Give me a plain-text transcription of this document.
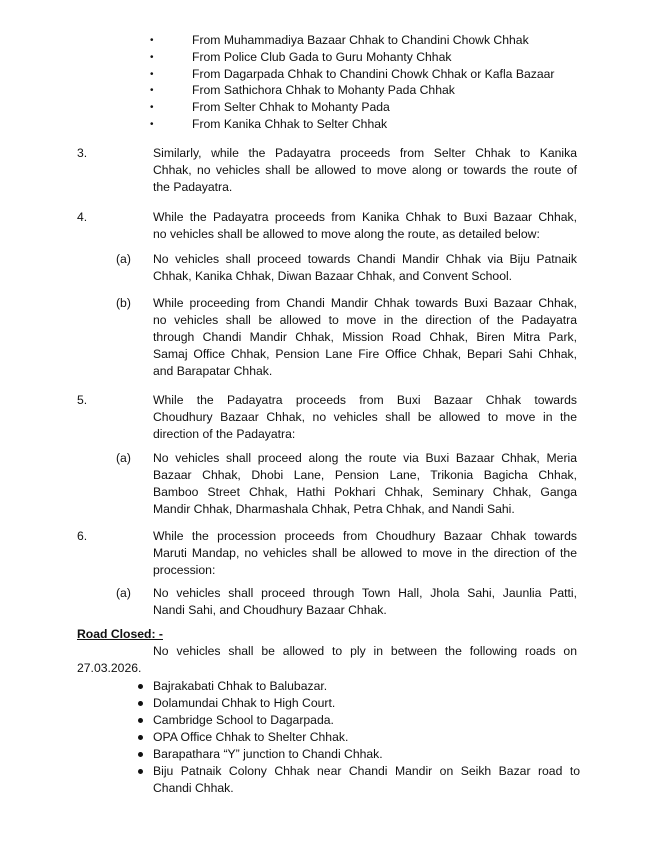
•	From Muhammadiya Bazaar Chhak to Chandini Chowk Chhak
•	From Police Club Gada to Guru Mohanty Chhak
•	From Dagarpada Chhak to Chandini Chowk Chhak or Kafla Bazaar
•	From Sathichora Chhak to Mohanty Pada Chhak
•	From Selter Chhak to Mohanty Pada
•	From Kanika Chhak to Selter Chhak
3.	Similarly, while the Padayatra proceeds from Selter Chhak to Kanika
Chhak, no vehicles shall be allowed to move along or towards the route of
the Padayatra.
4.	While the Padayatra proceeds from Kanika Chhak to Buxi Bazaar Chhak,
no vehicles shall be allowed to move along the route, as detailed below:
(a) No vehicles shall proceed towards Chandi Mandir Chhak via Biju Patnaik
Chhak, Kanika Chhak, Diwan Bazaar Chhak, and Convent School.
(b) While proceeding from Chandi Mandir Chhak towards Buxi Bazaar Chhak,
no vehicles shall be allowed to move in the direction of the Padayatra
through Chandi Mandir Chhak, Mission Road Chhak, Biren Mitra Park,
Samaj Office Chhak, Pension Lane Fire Office Chhak, Bepari Sahi Chhak,
and Barapatar Chhak.
5.	While the Padayatra proceeds from Buxi Bazaar Chhak towards
Choudhury Bazaar Chhak, no vehicles shall be allowed to move in the
direction of the Padayatra:
(a) No vehicles shall proceed along the route via Buxi Bazaar Chhak, Meria
Bazaar Chhak, Dhobi Lane, Pension Lane, Trikonia Bagicha Chhak,
Bamboo Street Chhak, Hathi Pokhari Chhak, Seminary Chhak, Ganga
Mandir Chhak, Dharmashala Chhak, Petra Chhak, and Nandi Sahi.
6.	While the procession proceeds from Choudhury Bazaar Chhak towards
Maruti Mandap, no vehicles shall be allowed to move in the direction of the
procession:
(a) No vehicles shall proceed through Town Hall, Jhola Sahi, Jaunlia Patti,
Nandi Sahi, and Choudhury Bazaar Chhak.
Road Closed: -
No vehicles shall be allowed to ply in between the following roads on
27.03.2026.
Bajrakabati Chhak to Balubazar.
Dolamundai Chhak to High Court.
Cambridge School to Dagarpada.
OPA Office Chhak to Shelter Chhak.
Barapathara “Y” junction to Chandi Chhak.
Biju Patnaik Colony Chhak near Chandi Mandir on Seikh Bazar road to
Chandi Chhak.
